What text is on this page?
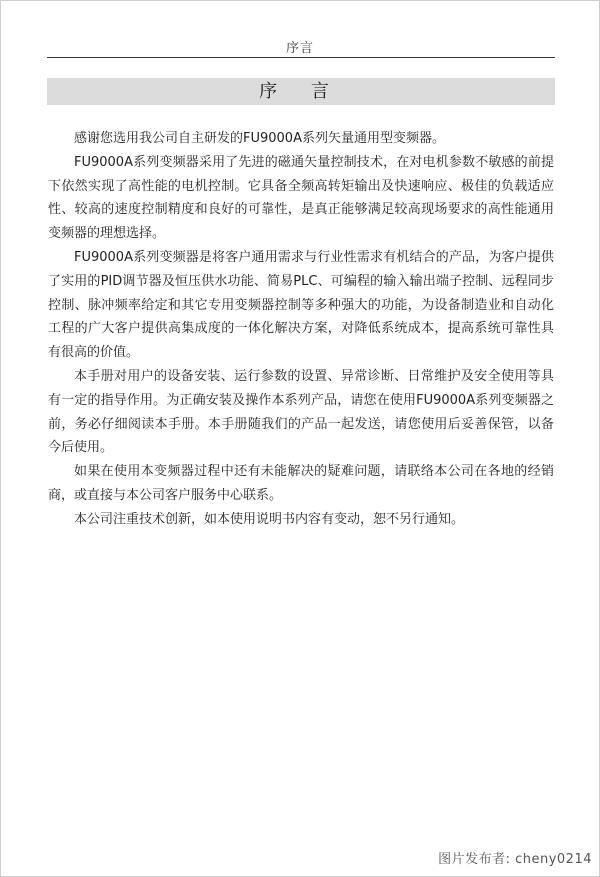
序言
序 言

感谢您选用我公司自主研发的FU9000A系列矢量通用型变频器。

FU9000A系列变频器采用了先进的磁通矢量控制技术，在对电机参数不敏感的前提下依然实现了高性能的电机控制。它具备全频高转矩输出及快速响应、极佳的负载适应性、较高的速度控制精度和良好的可靠性，是真正能够满足较高现场要求的高性能通用变频器的理想选择。

FU9000A系列变频器是将客户通用需求与行业性需求有机结合的产品，为客户提供了实用的PID调节器及恒压供水功能、简易PLC、可编程的输入输出端子控制、远程同步控制、脉冲频率给定和其它专用变频器控制等多种强大的功能，为设备制造业和自动化工程的广大客户提供高集成度的一体化解决方案，对降低系统成本，提高系统可靠性具有很高的价值。

本手册对用户的设备安装、运行参数的设置、异常诊断、日常维护及安全使用等具有一定的指导作用。为正确安装及操作本系列产品，请您在使用FU9000A系列变频器之前，务必仔细阅读本手册。本手册随我们的产品一起发送，请您使用后妥善保管，以备今后使用。

如果在使用本变频器过程中还有未能解决的疑难问题，请联络本公司在各地的经销商，或直接与本公司客户服务中心联系。

本公司注重技术创新，如本使用说明书内容有变动，恕不另行通知。

图片发布者: cheny0214
